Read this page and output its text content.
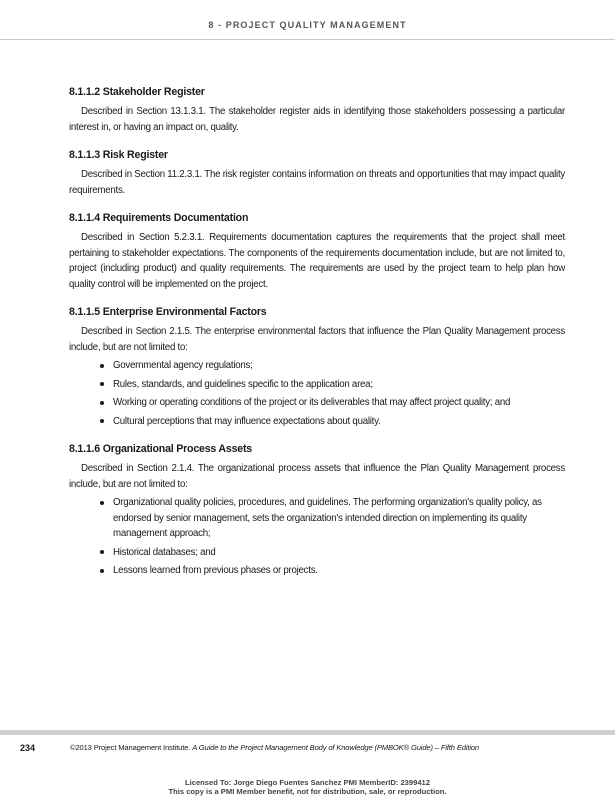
8 - PROJECT QUALITY MANAGEMENT
8.1.1.2 Stakeholder Register

Described in Section 13.1.3.1. The stakeholder register aids in identifying those stakeholders possessing a particular interest in, or having an impact on, quality.

8.1.1.3 Risk Register

Described in Section 11.2.3.1. The risk register contains information on threats and opportunities that may impact quality requirements.

8.1.1.4 Requirements Documentation

Described in Section 5.2.3.1. Requirements documentation captures the requirements that the project shall meet pertaining to stakeholder expectations. The components of the requirements documentation include, but are not limited to, project (including product) and quality requirements. The requirements are used by the project team to help plan how quality control will be implemented on the project.

8.1.1.5 Enterprise Environmental Factors

Described in Section 2.1.5. The enterprise environmental factors that influence the Plan Quality Management process include, but are not limited to:

Governmental agency regulations;
Rules, standards, and guidelines specific to the application area;
Working or operating conditions of the project or its deliverables that may affect project quality; and
Cultural perceptions that may influence expectations about quality.
8.1.1.6 Organizational Process Assets

Described in Section 2.1.4. The organizational process assets that influence the Plan Quality Management process include, but are not limited to:

Organizational quality policies, procedures, and guidelines. The performing organization's quality policy, as endorsed by senior management, sets the organization's intended direction on implementing its quality management approach;
Historical databases; and
Lessons learned from previous phases or projects.
234	©2013 Project Management Institute. A Guide to the Project Management Body of Knowledge (PMBOK® Guide) – Fifth Edition
Licensed To: Jorge Diego Fuentes Sanchez PMI MemberID: 2399412
This copy is a PMI Member benefit, not for distribution, sale, or reproduction.
